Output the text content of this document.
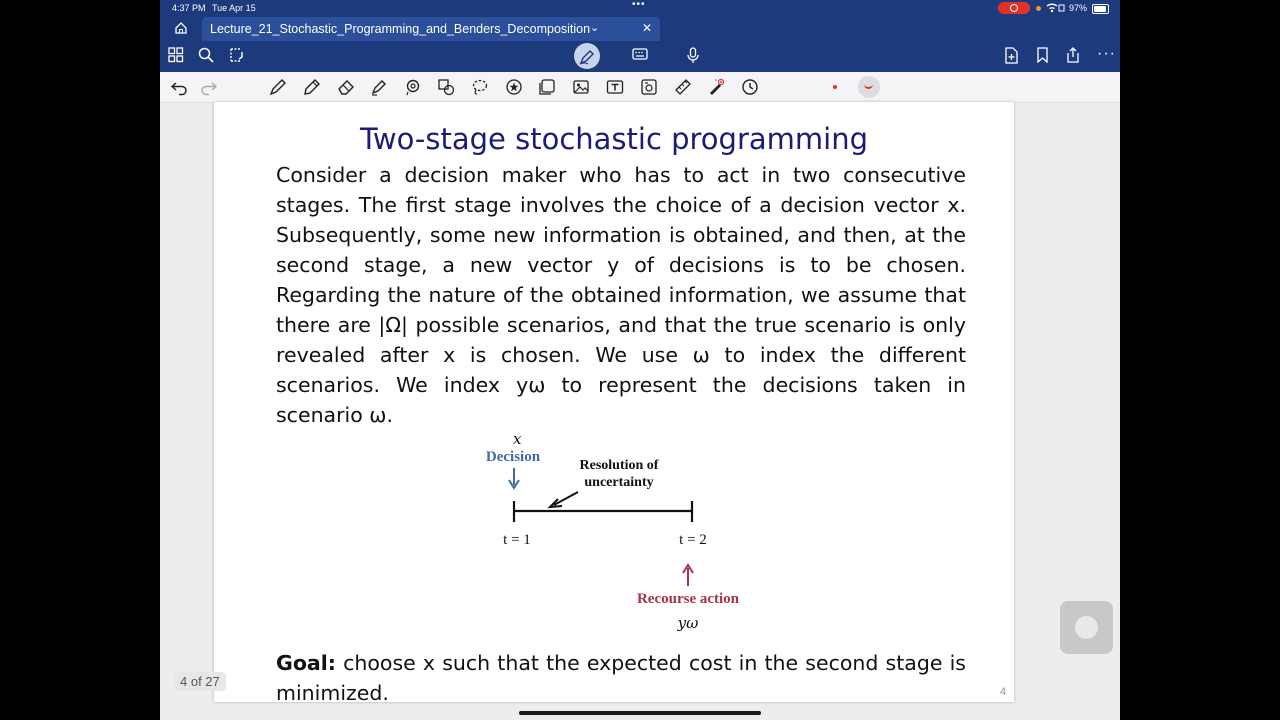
4:37 PM Tue Apr 15	•••	97%
Lecture_21_Stochastic_Programming_and_Benders_Decomposition ⌄	✕
···
Two-stage stochastic programming

Consider a decision maker who has to act in two consecutive stages. The first stage involves the choice of a decision vector x. Subsequently, some new information is obtained, and then, at the second stage, a new vector y of decisions is to be chosen. Regarding the nature of the obtained information, we assume that there are |Ω| possible scenarios, and that the true scenario is only revealed after x is chosen. We use ω to index the different scenarios. We index yω to represent the decisions taken in scenario ω.

x
Decision
Resolution of
uncertainty
t = 1	t = 2
Recourse action
yω
Goal: choose x such that the expected cost in the second stage is minimized.	4
4 of 27
